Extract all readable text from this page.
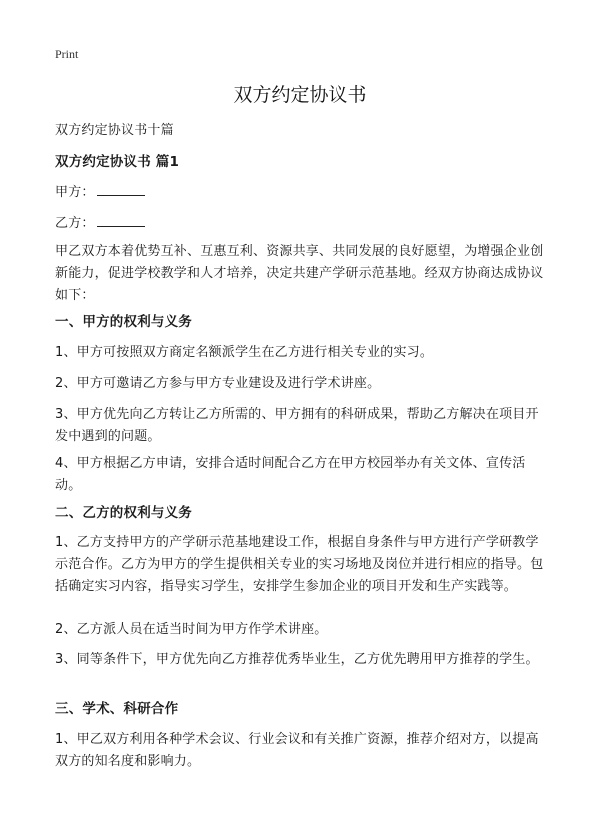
Print
双方约定协议书
双方约定协议书十篇
双方约定协议书 篇1
甲方：
乙方：
甲乙双方本着优势互补、互惠互利、资源共享、共同发展的良好愿望，为增强企业创新能力，促进学校教学和人才培养，决定共建产学研示范基地。经双方协商达成协议如下：
一、甲方的权利与义务
1、甲方可按照双方商定名额派学生在乙方进行相关专业的实习。
2、甲方可邀请乙方参与甲方专业建设及进行学术讲座。
3、甲方优先向乙方转让乙方所需的、甲方拥有的科研成果，帮助乙方解决在项目开发中遇到的问题。
4、甲方根据乙方申请，安排合适时间配合乙方在甲方校园举办有关文体、宣传活动。
二、乙方的权利与义务
1、乙方支持甲方的产学研示范基地建设工作，根据自身条件与甲方进行产学研教学示范合作。乙方为甲方的学生提供相关专业的实习场地及岗位并进行相应的指导。包括确定实习内容，指导实习学生，安排学生参加企业的项目开发和生产实践等。
2、乙方派人员在适当时间为甲方作学术讲座。
3、同等条件下，甲方优先向乙方推荐优秀毕业生，乙方优先聘用甲方推荐的学生。
三、学术、科研合作
1、甲乙双方利用各种学术会议、行业会议和有关推广资源，推荐介绍对方，以提高双方的知名度和影响力。
